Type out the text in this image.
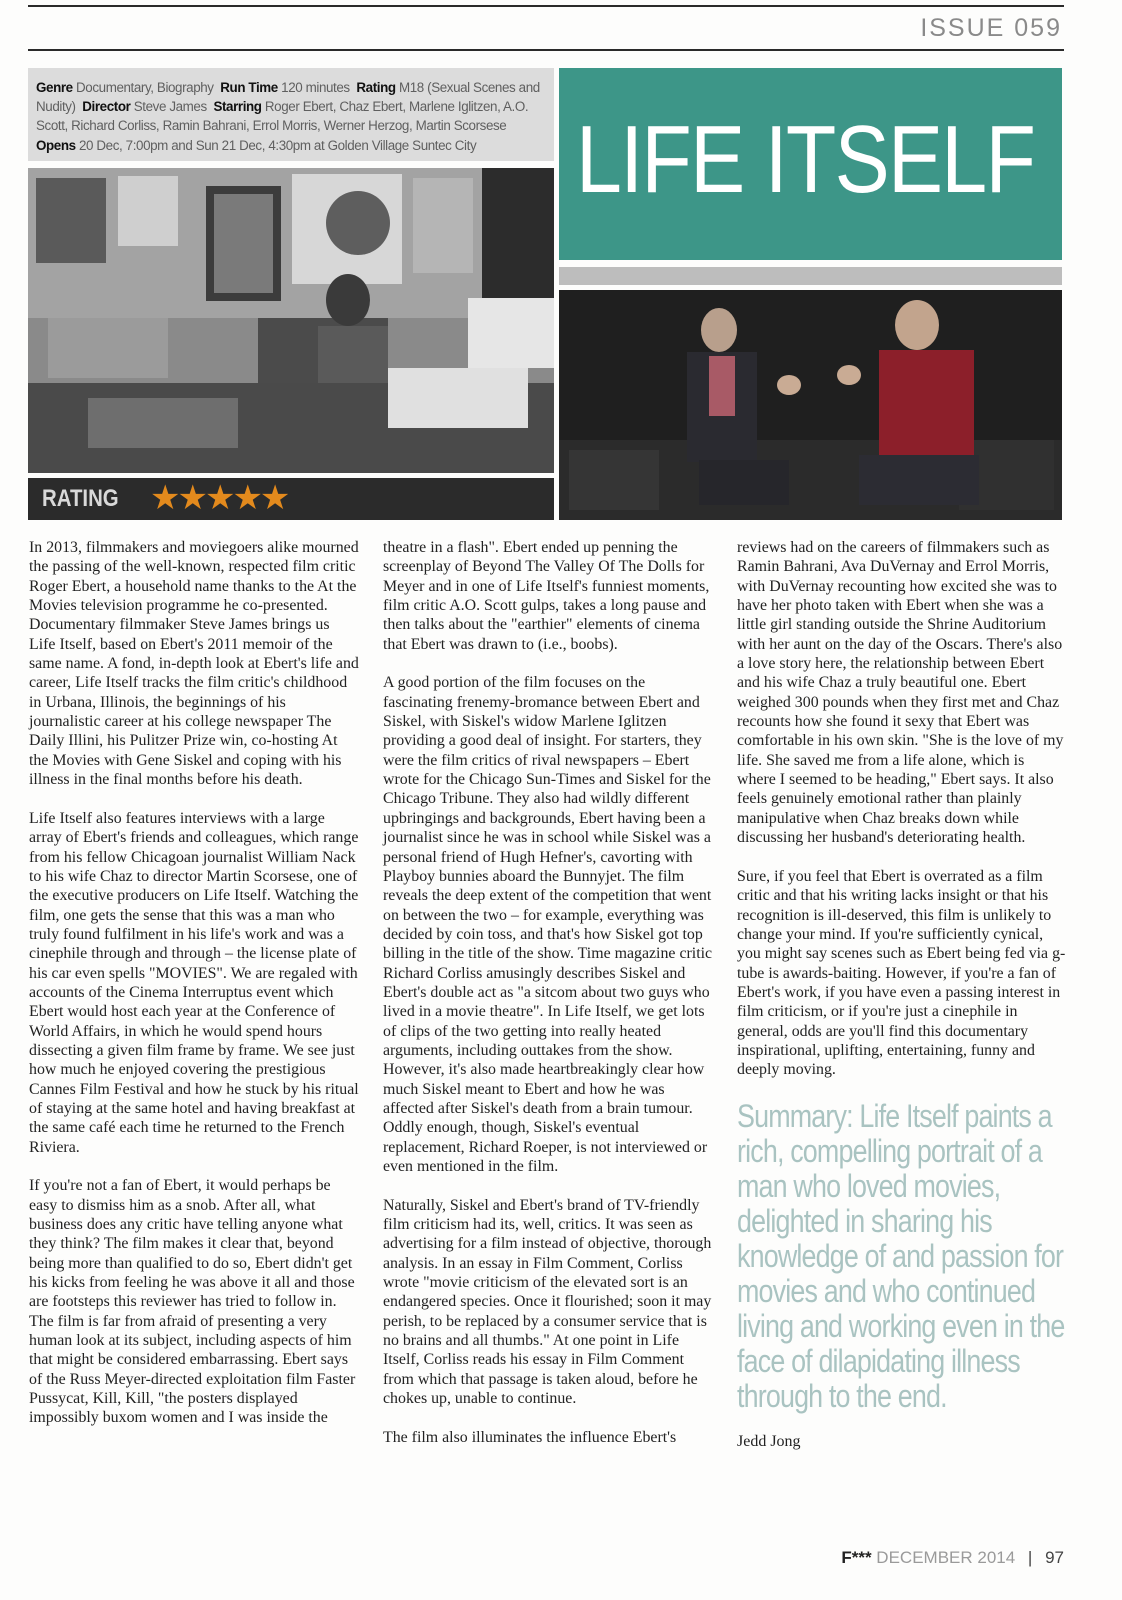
ISSUE 059
Genre Documentary, Biography Run Time 120 minutes Rating M18 (Sexual Scenes and Nudity) Director Steve James Starring Roger Ebert, Chaz Ebert, Marlene Iglitzen, A.O. Scott, Richard Corliss, Ramin Bahrani, Errol Morris, Werner Herzog, Martin Scorsese  Opens 20 Dec, 7:00pm and Sun 21 Dec, 4:30pm at Golden Village Suntec City	LIFE ITSELF
RATING ★★★★★

In 2013, filmmakers and moviegoers alike mourned the passing of the well-known, respected film critic Roger Ebert, a household name thanks to the At the Movies television programme he co-presented. Documentary filmmaker Steve James brings us Life Itself, based on Ebert's 2011 memoir of the same name. A fond, in-depth look at Ebert's life and career, Life Itself tracks the film critic's childhood in Urbana, Illinois, the beginnings of his journalistic career at his college newspaper The Daily Illini, his Pulitzer Prize win, co-hosting At the Movies with Gene Siskel and coping with his illness in the final months before his death.

Life Itself also features interviews with a large array of Ebert's friends and colleagues, which range from his fellow Chicagoan journalist William Nack to his wife Chaz to director Martin Scorsese, one of the executive producers on Life Itself. Watching the film, one gets the sense that this was a man who truly found fulfilment in his life's work and was a cinephile through and through – the license plate of his car even spells "MOVIES". We are regaled with accounts of the Cinema Interruptus event which Ebert would host each year at the Conference of World Affairs, in which he would spend hours dissecting a given film frame by frame. We see just how much he enjoyed covering the prestigious Cannes Film Festival and how he stuck by his ritual of staying at the same hotel and having breakfast at the same café each time he returned to the French Riviera.

If you're not a fan of Ebert, it would perhaps be easy to dismiss him as a snob. After all, what business does any critic have telling anyone what they think? The film makes it clear that, beyond being more than qualified to do so, Ebert didn't get his kicks from feeling he was above it all and those are footsteps this reviewer has tried to follow in. The film is far from afraid of presenting a very human look at its subject, including aspects of him that might be considered embarrassing. Ebert says of the Russ Meyer-directed exploitation film Faster Pussycat, Kill, Kill, "the posters displayed impossibly buxom women and I was inside the

theatre in a flash". Ebert ended up penning the screenplay of Beyond The Valley Of The Dolls for Meyer and in one of Life Itself's funniest moments, film critic A.O. Scott gulps, takes a long pause and then talks about the "earthier" elements of cinema that Ebert was drawn to (i.e., boobs).

A good portion of the film focuses on the fascinating frenemy-bromance between Ebert and Siskel, with Siskel's widow Marlene Iglitzen providing a good deal of insight. For starters, they were the film critics of rival newspapers – Ebert wrote for the Chicago Sun-Times and Siskel for the Chicago Tribune. They also had wildly different upbringings and backgrounds, Ebert having been a journalist since he was in school while Siskel was a personal friend of Hugh Hefner's, cavorting with Playboy bunnies aboard the Bunnyjet. The film reveals the deep extent of the competition that went on between the two – for example, everything was decided by coin toss, and that's how Siskel got top billing in the title of the show. Time magazine critic Richard Corliss amusingly describes Siskel and Ebert's double act as "a sitcom about two guys who lived in a movie theatre". In Life Itself, we get lots of clips of the two getting into really heated arguments, including outtakes from the show. However, it's also made heartbreakingly clear how much Siskel meant to Ebert and how he was affected after Siskel's death from a brain tumour. Oddly enough, though, Siskel's eventual replacement, Richard Roeper, is not interviewed or even mentioned in the film.

Naturally, Siskel and Ebert's brand of TV-friendly film criticism had its, well, critics. It was seen as advertising for a film instead of objective, thorough analysis. In an essay in Film Comment, Corliss wrote "movie criticism of the elevated sort is an endangered species. Once it flourished; soon it may perish, to be replaced by a consumer service that is no brains and all thumbs." At one point in Life Itself, Corliss reads his essay in Film Comment from which that passage is taken aloud, before he chokes up, unable to continue.

The film also illuminates the influence Ebert's

reviews had on the careers of filmmakers such as Ramin Bahrani, Ava DuVernay and Errol Morris, with DuVernay recounting how excited she was to have her photo taken with Ebert when she was a little girl standing outside the Shrine Auditorium with her aunt on the day of the Oscars. There's also a love story here, the relationship between Ebert and his wife Chaz a truly beautiful one. Ebert weighed 300 pounds when they first met and Chaz recounts how she found it sexy that Ebert was comfortable in his own skin. "She is the love of my life. She saved me from a life alone, which is where I seemed to be heading," Ebert says. It also feels genuinely emotional rather than plainly manipulative when Chaz breaks down while discussing her husband's deteriorating health.

Sure, if you feel that Ebert is overrated as a film critic and that his writing lacks insight or that his recognition is ill-deserved, this film is unlikely to change your mind. If you're sufficiently cynical, you might say scenes such as Ebert being fed via g-tube is awards-baiting. However, if you're a fan of Ebert's work, if you have even a passing interest in film criticism, or if you're just a cinephile in general, odds are you'll find this documentary inspirational, uplifting, entertaining, funny and deeply moving.

Summary: Life Itself paints a rich, compelling portrait of a man who loved movies, delighted in sharing his knowledge of and passion for movies and who continued living and working even in the face of dilapidating illness through to the end.
Jedd Jong
F*** DECEMBER 2014 | 97
